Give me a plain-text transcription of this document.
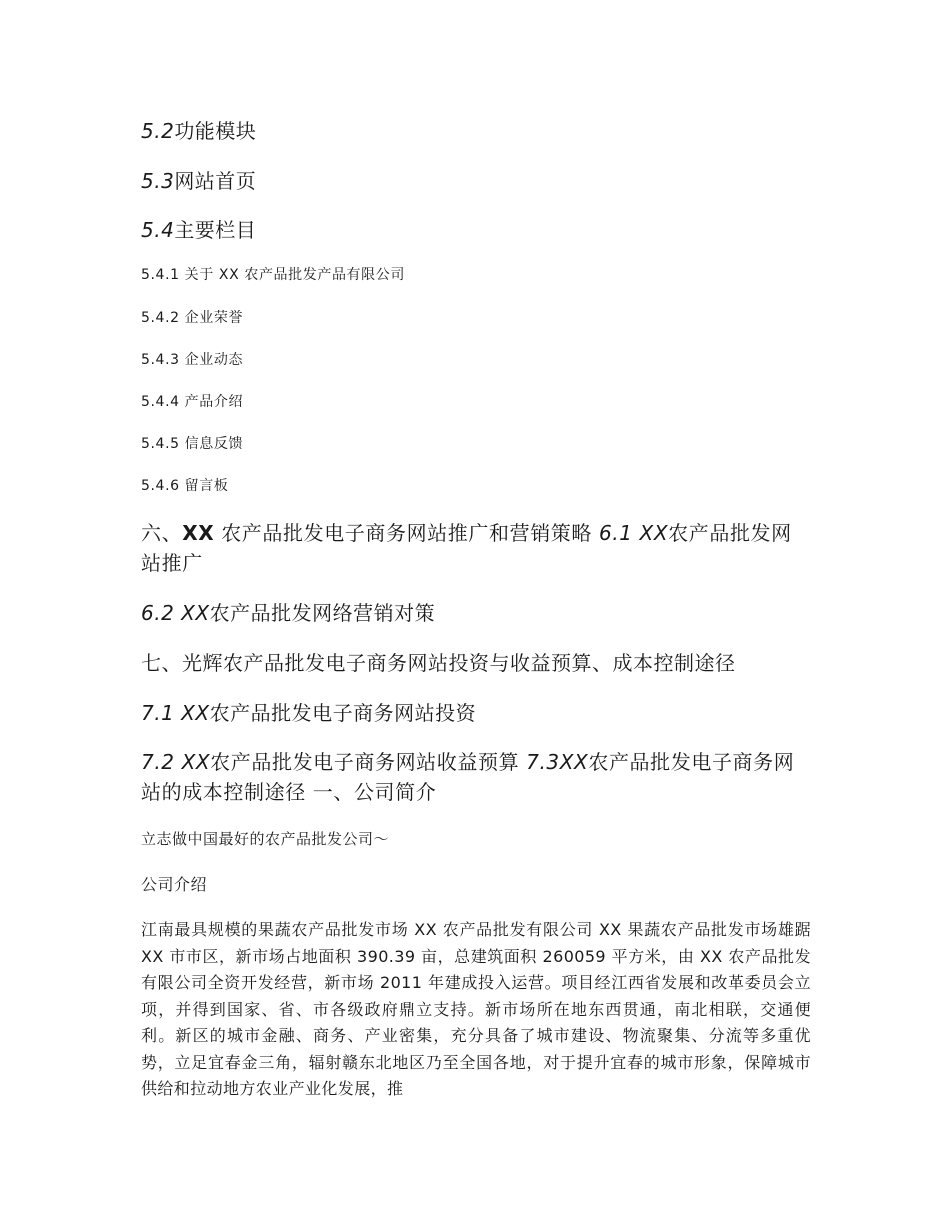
5.2功能模块
5.3网站首页
5.4主要栏目
5.4.1 关于 XX 农产品批发产品有限公司
5.4.2 企业荣誉
5.4.3 企业动态
5.4.4 产品介绍
5.4.5 信息反馈
5.4.6 留言板
六、XX 农产品批发电子商务网站推广和营销策略 6.1 XX农产品批发网站推广
6.2 XX农产品批发网络营销对策
七、光辉农产品批发电子商务网站投资与收益预算、成本控制途径
7.1 XX农产品批发电子商务网站投资
7.2 XX农产品批发电子商务网站收益预算 7.3XX农产品批发电子商务网站的成本控制途径 一、公司简介
立志做中国最好的农产品批发公司～
公司介绍
江南最具规模的果蔬农产品批发市场 XX 农产品批发有限公司 XX 果蔬农产品批发市场雄踞 XX 市市区，新市场占地面积 390.39 亩，总建筑面积 260059 平方米，由 XX 农产品批发有限公司全资开发经营，新市场 2011 年建成投入运营。项目经江西省发展和改革委员会立项，并得到国家、省、市各级政府鼎立支持。新市场所在地东西贯通，南北相联，交通便利。新区的城市金融、商务、产业密集，充分具备了城市建设、物流聚集、分流等多重优势，立足宜春金三角，辐射赣东北地区乃至全国各地，对于提升宜春的城市形象，保障城市供给和拉动地方农业产业化发展，推
